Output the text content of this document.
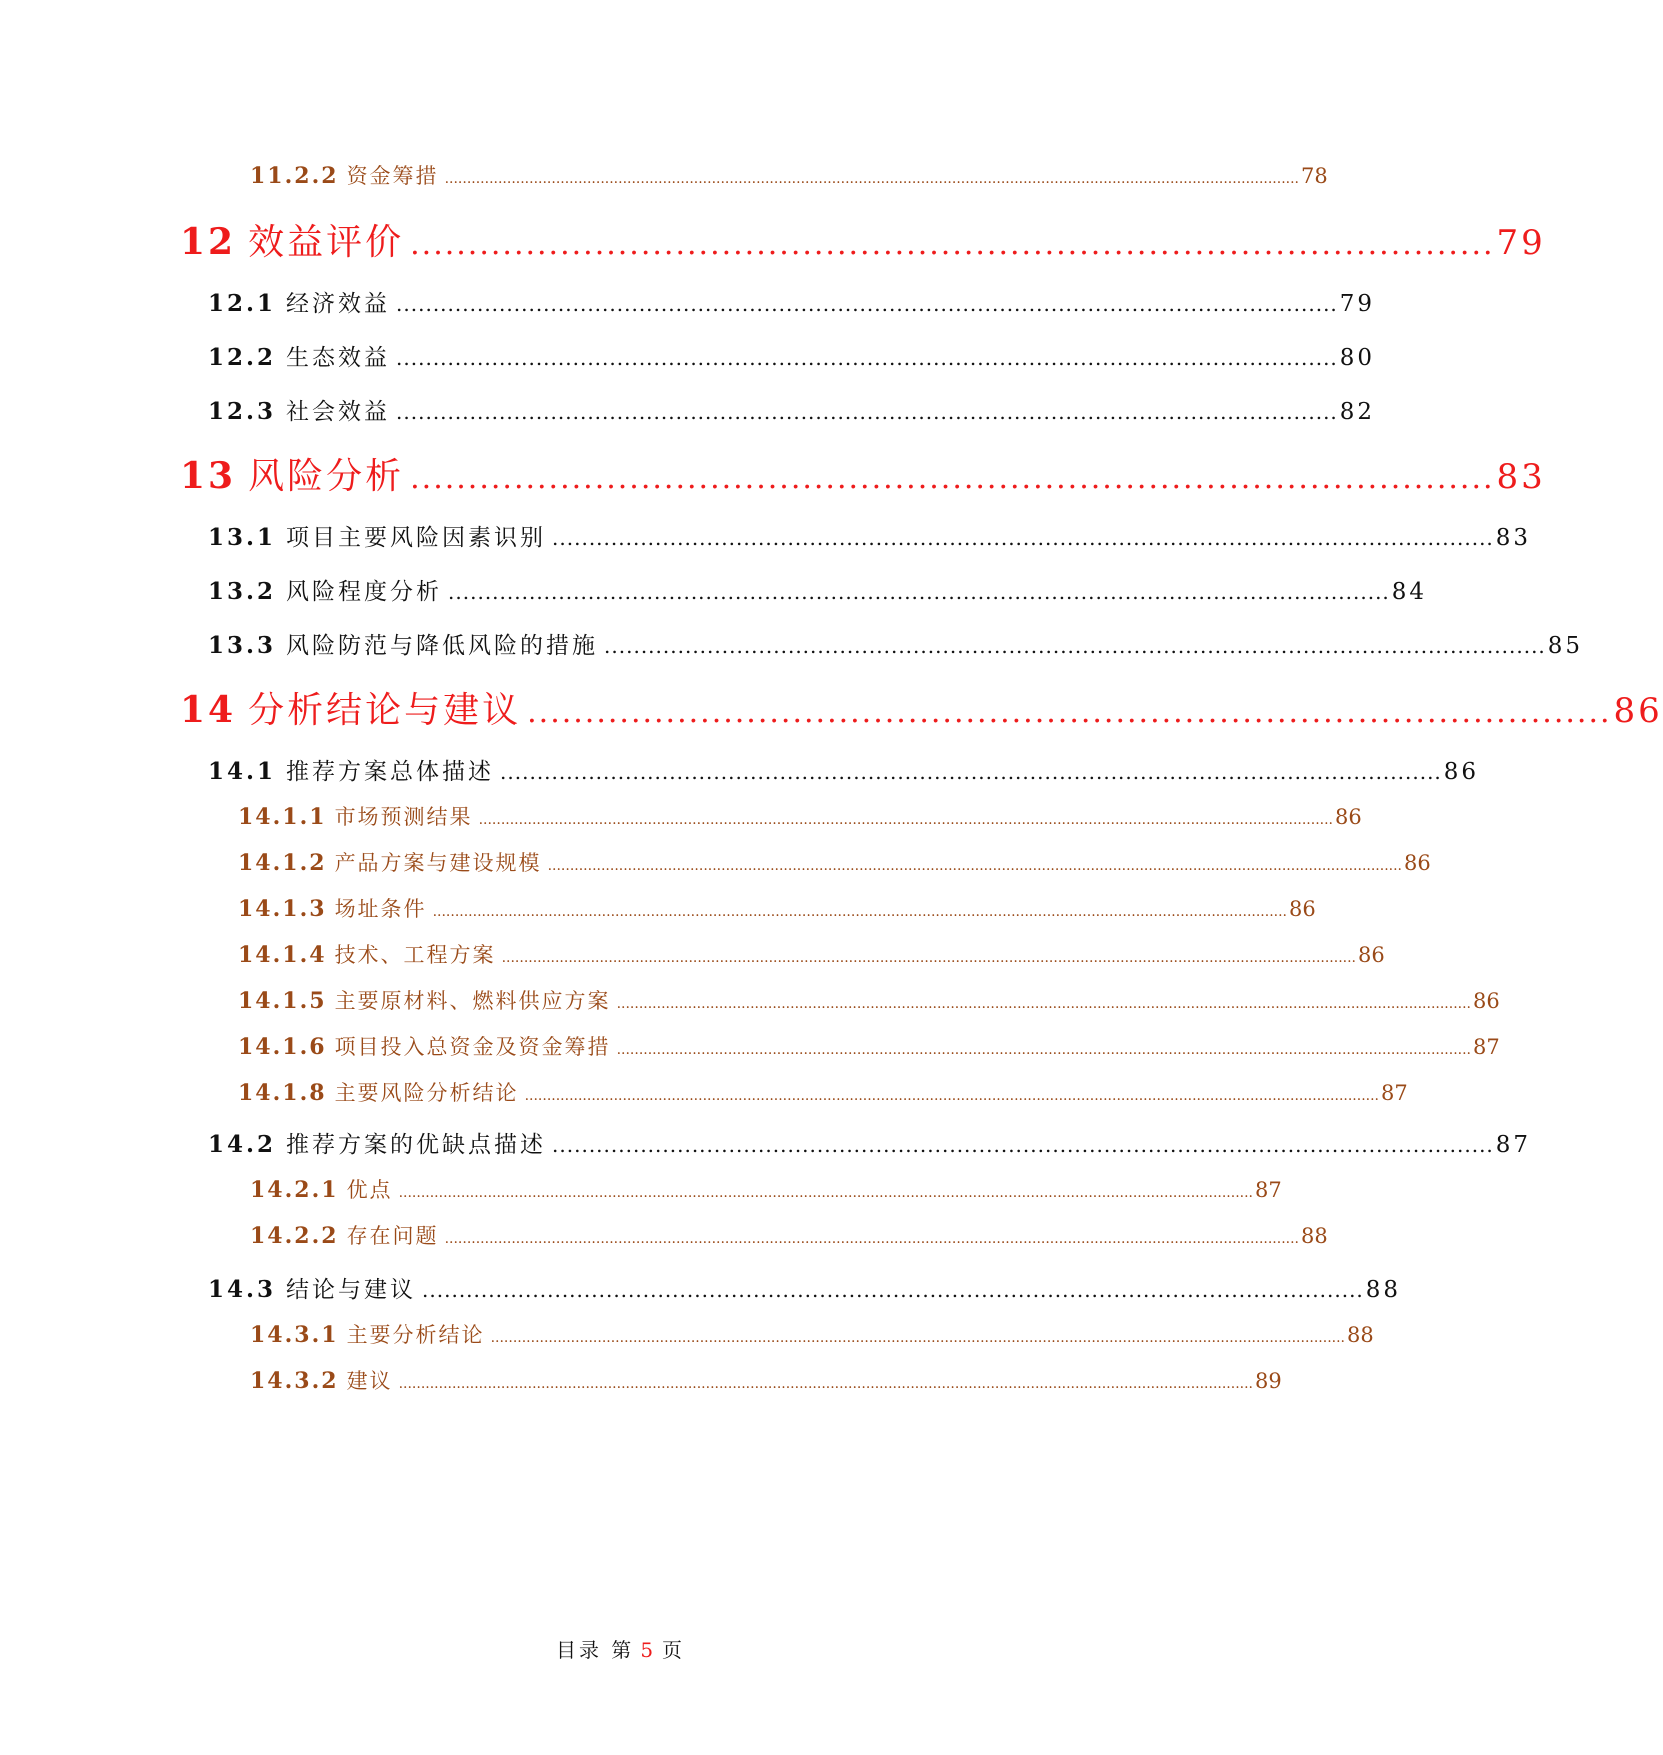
11.2.2 资金筹措 ................................................................................................................................................................................................ 78
12 效益评价 .............................................................................................. 79
12.1 经济效益 ................................................................................................................................ 79
12.2 生态效益 ................................................................................................................................ 80
12.3 社会效益 ................................................................................................................................ 82
13 风险分析 .............................................................................................. 83
13.1 项目主要风险因素识别 ................................................................................................................................ 83
13.2 风险程度分析 ................................................................................................................................ 84
13.3 风险防范与降低风险的措施 ................................................................................................................................ 85
14 分析结论与建议 .............................................................................................. 86
14.1 推荐方案总体描述 ................................................................................................................................ 86
14.1.1 市场预测结果 ................................................................................................................................................................................................ 86
14.1.2 产品方案与建设规模 ................................................................................................................................................................................................ 86
14.1.3 场址条件 ................................................................................................................................................................................................ 86
14.1.4 技术、工程方案 ................................................................................................................................................................................................ 86
14.1.5 主要原材料、燃料供应方案 ................................................................................................................................................................................................ 86
14.1.6 项目投入总资金及资金筹措 ................................................................................................................................................................................................ 87
14.1.8 主要风险分析结论 ................................................................................................................................................................................................ 87
14.2 推荐方案的优缺点描述 ................................................................................................................................ 87
14.2.1 优点 ................................................................................................................................................................................................ 87
14.2.2 存在问题 ................................................................................................................................................................................................ 88
14.3 结论与建议 ................................................................................................................................ 88
14.3.1 主要分析结论 ................................................................................................................................................................................................ 88
14.3.2 建议 ................................................................................................................................................................................................ 89
目录 第 5 页
